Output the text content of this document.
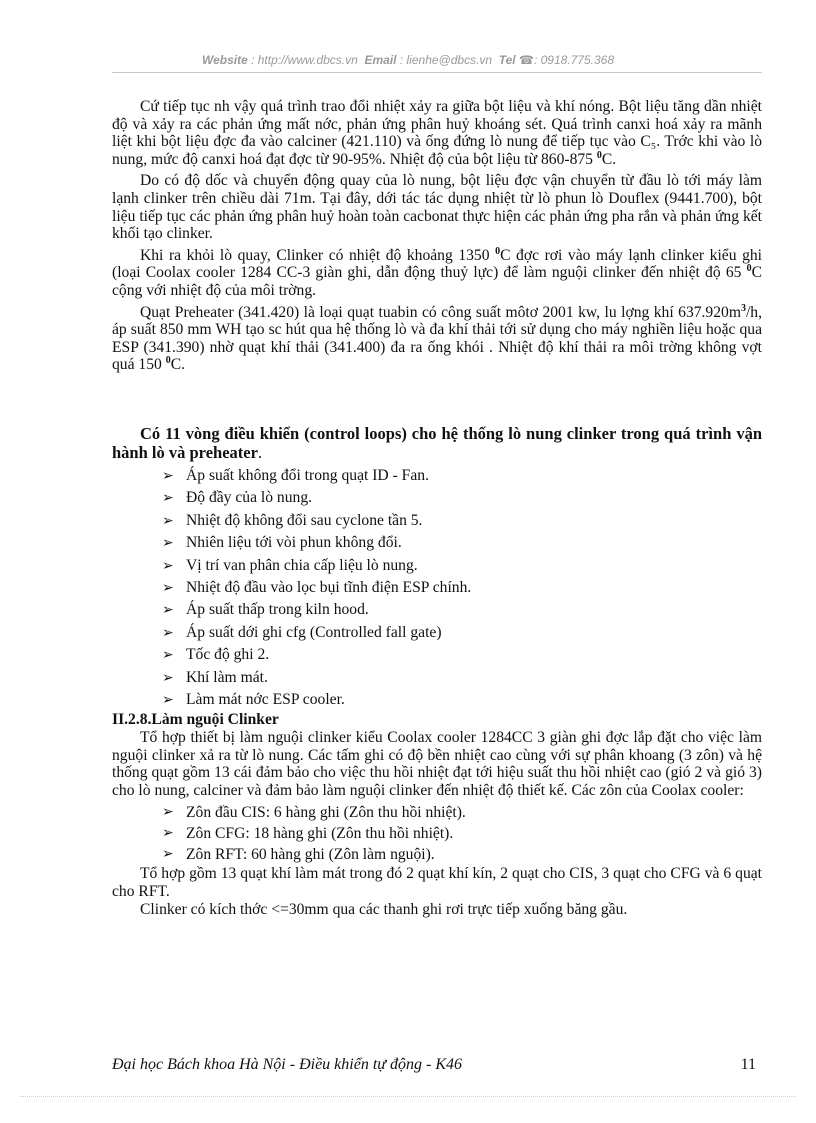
Website : http://www.dbcs.vn Email : lienhe@dbcs.vn Tel ☎: 0918.775.368

Cứ tiếp tục nh vậy quá trình trao đổi nhiệt xảy ra giữa bột liệu và khí nóng. Bột liệu tăng dần nhiệt độ và xảy ra các phản ứng mất nớc, phản ứng phân huỷ khoáng sét. Quá trình canxi hoá xảy ra mãnh liệt khi bột liệu đợc đa vào calciner (421.110) và ống đứng lò nung để tiếp tục vào C₅. Trớc khi vào lò nung, mức độ canxi hoá đạt đợc từ 90-95%. Nhiệt độ của bột liệu từ 860-875 $^0$C.

Do có độ dốc và chuyển động quay của lò nung, bột liệu đợc vận chuyển từ đầu lò tới máy làm lạnh clinker trên chiều dài 71m. Tại đây, dới tác tác dụng nhiệt từ lò phun lò Douflex (9441.700), bột liệu tiếp tục các phản ứng phân huỷ hoàn toàn cacbonat thực hiện các phản ứng pha rắn và phản ứng kết khối tạo clinker.

Khi ra khỏi lò quay, Clinker có nhiệt độ khoảng 1350 $^0$C đợc rơi vào máy lạnh clinker kiểu ghi (loại Coolax cooler 1284 CC-3 giàn ghi, dẫn động thuỷ lực) để làm nguội clinker đến nhiệt độ 65 $^0$C cộng với nhiệt độ của môi trờng.

Quạt Preheater (341.420) là loại quạt tuabin có công suất môtơ 2001 kw, lu lợng khí $637.920m^3/h$, áp suất 850 mm WH tạo sc hút qua hệ thống lò và đa khí thải tới sử dụng cho máy nghiền liệu hoặc qua ESP (341.390) nhờ quạt khí thải (341.400) đa ra ống khói . Nhiệt độ khí thải ra môi trờng không vợt quá 150 $^0$C.

Có 11 vòng điều khiển (control loops) cho hệ thống lò nung clinker trong quá trình vận hành lò và preheater.

➢ Áp suất không đổi trong quạt ID - Fan.
➢ Độ đầy của lò nung.
➢ Nhiệt độ không đổi sau cyclone tần 5.
➢ Nhiên liệu tới vòi phun không đổi.
➢ Vị trí van phân chia cấp liệu lò nung.
➢ Nhiệt độ đầu vào lọc bụi tĩnh điện ESP chính.
➢ Áp suất thấp trong kiln hood.
➢ Áp suất dới ghi cfg (Controlled fall gate)
➢ Tốc độ ghi 2.
➢ Khí làm mát.
➢ Làm mát nớc ESP cooler.

II.2.8.Làm nguội Clinker

Tổ hợp thiết bị làm nguội clinker kiểu Coolax cooler 1284CC 3 giàn ghi đợc lắp đặt cho việc làm nguội clinker xả ra từ lò nung. Các tấm ghi có độ bền nhiệt cao cùng với sự phân khoang (3 zôn) và hệ thống quạt gồm 13 cái đảm bảo cho việc thu hồi nhiệt đạt tới hiệu suất thu hồi nhiệt cao (gió 2 và gió 3) cho lò nung, calciner và đảm bảo làm nguội clinker đến nhiệt độ thiết kế. Các zôn của Coolax cooler:

➢ Zôn đầu CIS: 6 hàng ghi (Zôn thu hồi nhiệt).
➢ Zôn CFG: 18 hàng ghi (Zôn thu hồi nhiệt).
➢ Zôn RFT: 60 hàng ghi (Zôn làm nguội).

Tổ hợp gồm 13 quạt khí làm mát trong đó 2 quạt khí kín, 2 quạt cho CIS, 3 quạt cho CFG và 6 quạt cho RFT.

Clinker có kích thớc <=30mm qua các thanh ghi rơi trực tiếp xuống băng gầu.

Đại học Bách khoa Hà Nội - Điều khiển tự động - K46	11
